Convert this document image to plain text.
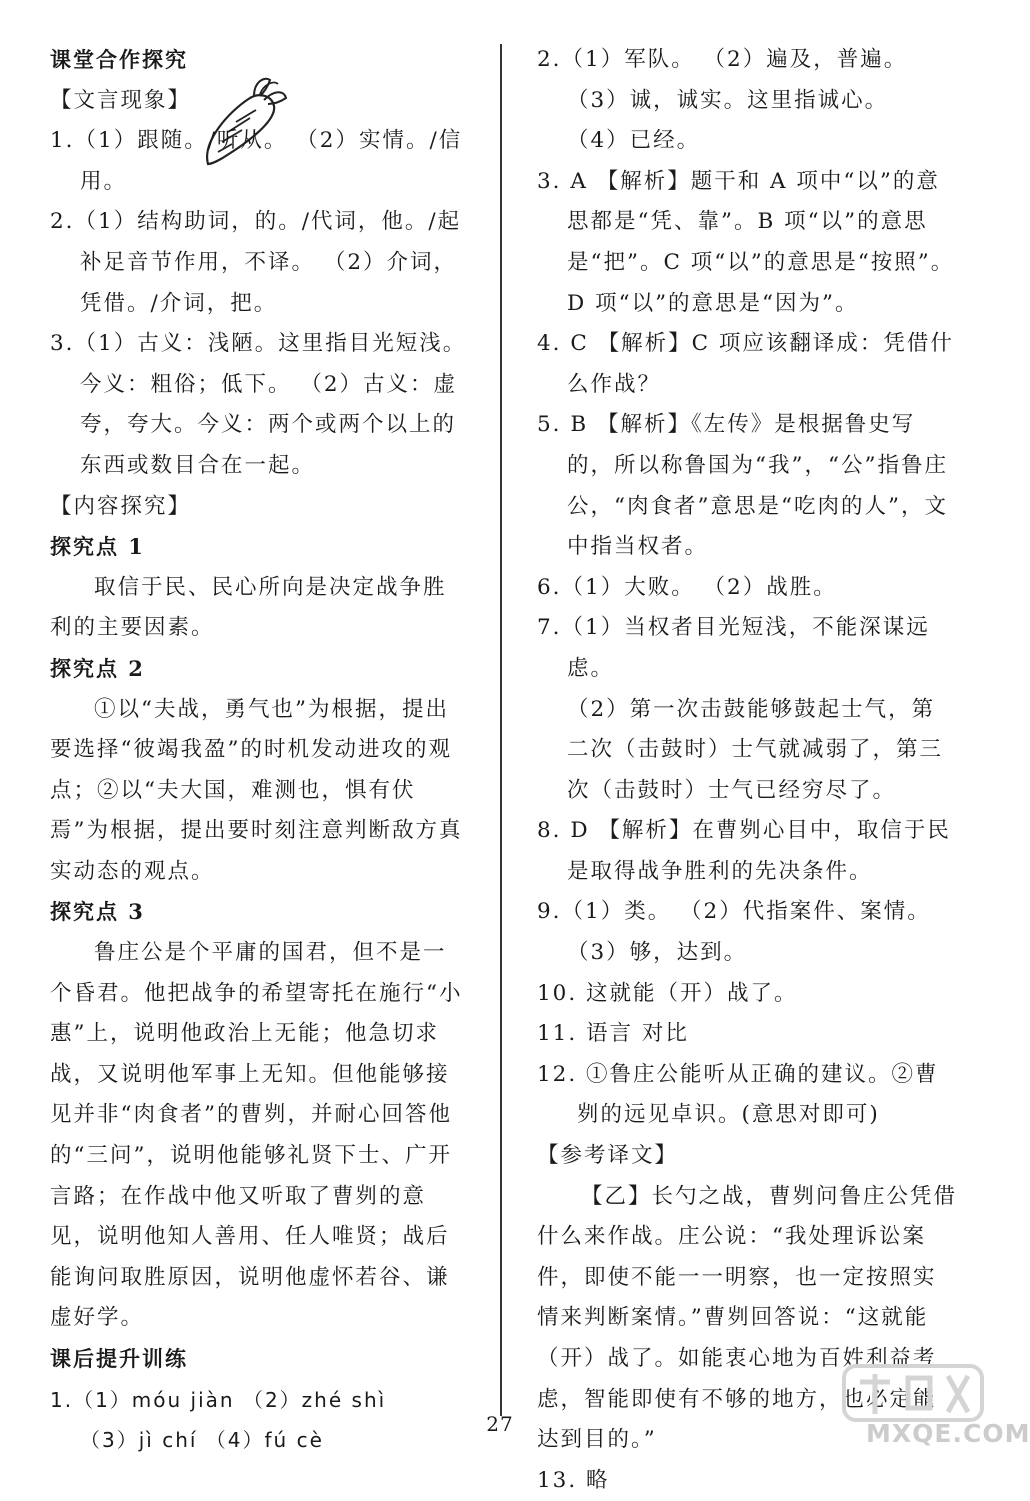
课堂合作探究

【文言现象】

1.（1）跟随。/听从。 （2）实情。/信用。

2.（1）结构助词，的。/代词，他。/起补足音节作用，不译。 （2）介词，凭借。/介词，把。

3.（1）古义：浅陋。这里指目光短浅。今义：粗俗；低下。 （2）古义：虚夸，夸大。今义：两个或两个以上的东西或数目合在一起。

【内容探究】

探究点 1

取信于民、民心所向是决定战争胜利的主要因素。

探究点 2

①以“夫战，勇气也”为根据，提出要选择“彼竭我盈”的时机发动进攻的观点；②以“夫大国，难测也，惧有伏焉”为根据，提出要时刻注意判断敌方真实动态的观点。

探究点 3

鲁庄公是个平庸的国君，但不是一个昏君。他把战争的希望寄托在施行“小惠”上，说明他政治上无能；他急切求战，又说明他军事上无知。但他能够接见并非“肉食者”的曹刿，并耐心回答他的“三问”，说明他能够礼贤下士、广开言路；在作战中他又听取了曹刿的意见，说明他知人善用、任人唯贤；战后能询问取胜原因，说明他虚怀若谷、谦虚好学。

课后提升训练

1.（1）móu jiàn （2）zhé shì

（3）jì chí （4）fú cè

2.（1）军队。 （2）遍及，普遍。

（3）诚，诚实。这里指诚心。

（4）已经。

3. A 【解析】题干和 A 项中“以”的意思都是“凭、靠”。B 项“以”的意思是“把”。C 项“以”的意思是“按照”。D 项“以”的意思是“因为”。

4. C 【解析】C 项应该翻译成：凭借什么作战？

5. B 【解析】《左传》是根据鲁史写的，所以称鲁国为“我”，“公”指鲁庄公，“肉食者”意思是“吃肉的人”，文中指当权者。

6.（1）大败。 （2）战胜。

7.（1）当权者目光短浅，不能深谋远虑。

（2）第一次击鼓能够鼓起士气，第二次（击鼓时）士气就减弱了，第三次（击鼓时）士气已经穷尽了。

8. D 【解析】在曹刿心目中，取信于民是取得战争胜利的先决条件。

9.（1）类。 （2）代指案件、案情。

（3）够，达到。

10. 这就能（开）战了。

11. 语言 对比

12. ①鲁庄公能听从正确的建议。②曹刿的远见卓识。(意思对即可)

【参考译文】

【乙】长勺之战，曹刿问鲁庄公凭借什么来作战。庄公说：“我处理诉讼案件，即使不能一一明察，也一定按照实情来判断案情。”曹刿回答说：“这就能（开）战了。如能衷心地为百姓利益考虑，智能即使有不够的地方，也必定能达到目的。”

13. 略

27	MXQE.COM
